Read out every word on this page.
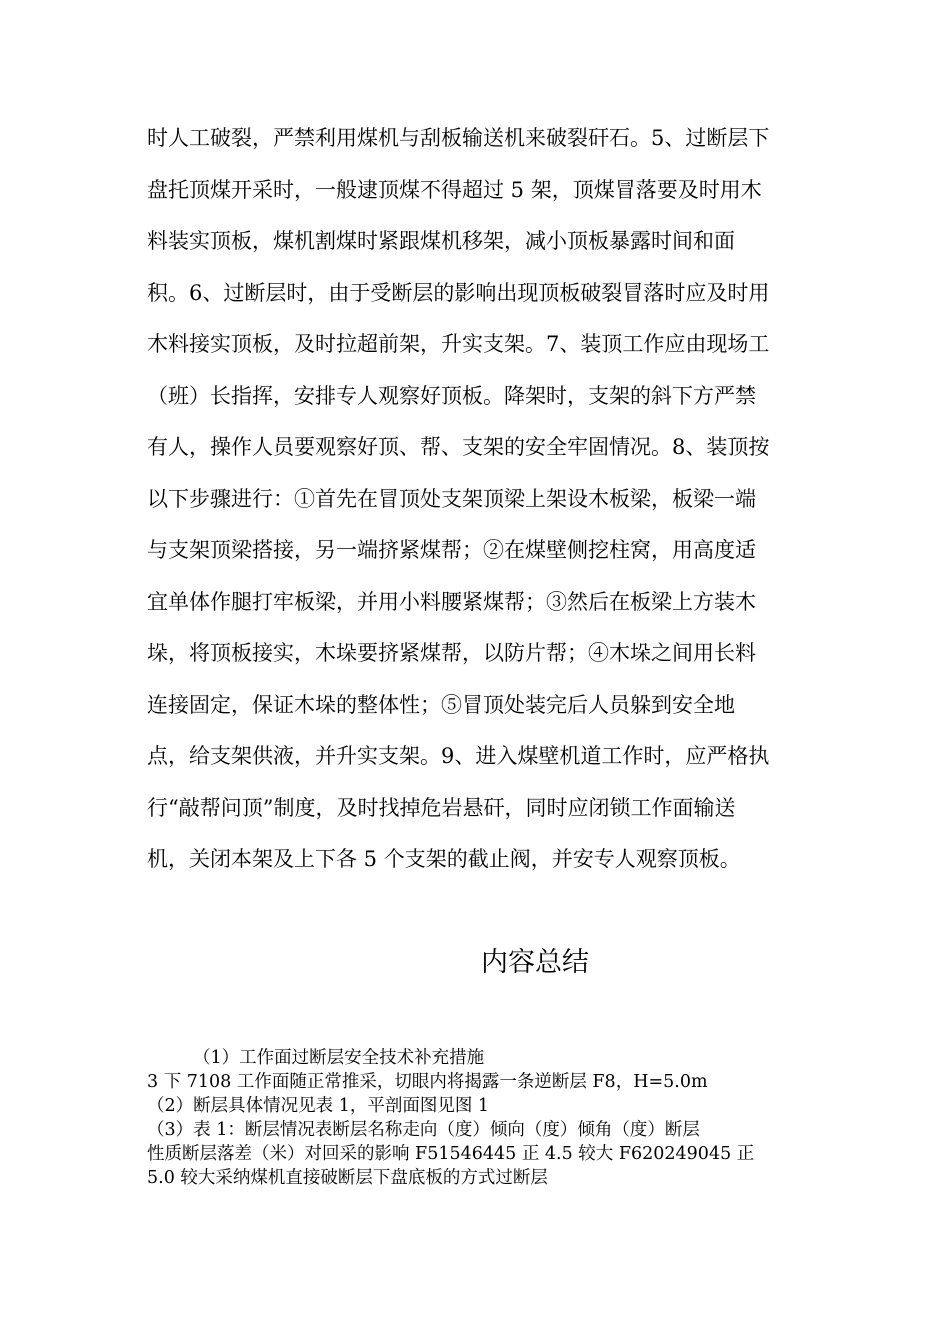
时人工破裂，严禁利用煤机与刮板输送机来破裂矸石。5、过断层下
盘托顶煤开采时，一般逮顶煤不得超过 5 架，顶煤冒落要及时用木
料装实顶板，煤机割煤时紧跟煤机移架，减小顶板暴露时间和面
积。6、过断层时，由于受断层的影响出现顶板破裂冒落时应及时用
木料接实顶板，及时拉超前架，升实支架。7、装顶工作应由现场工
（班）长指挥，安排专人观察好顶板。降架时，支架的斜下方严禁
有人，操作人员要观察好顶、帮、支架的安全牢固情况。8、装顶按
以下步骤进行：①首先在冒顶处支架顶梁上架设木板梁，板梁一端
与支架顶梁搭接，另一端挤紧煤帮；②在煤壁侧挖柱窝，用高度适
宜单体作腿打牢板梁，并用小料腰紧煤帮；③然后在板梁上方装木
垛，将顶板接实，木垛要挤紧煤帮，以防片帮；④木垛之间用长料
连接固定，保证木垛的整体性；⑤冒顶处装完后人员躲到安全地
点，给支架供液，并升实支架。9、进入煤壁机道工作时，应严格执
行“敲帮问顶”制度，及时找掉危岩悬矸，同时应闭锁工作面输送
机，关闭本架及上下各 5 个支架的截止阀，并安专人观察顶板。
内容总结
（1）工作面过断层安全技术补充措施
3 下 7108 工作面随正常推采，切眼内将揭露一条逆断层 F8，H=5.0m
（2）断层具体情况见表 1，平剖面图见图 1
（3）表 1：断层情况表断层名称走向（度）倾向（度）倾角（度）断层
性质断层落差（米）对回采的影响 F51546445 正 4.5 较大 F620249045 正
5.0 较大采纳煤机直接破断层下盘底板的方式过断层
